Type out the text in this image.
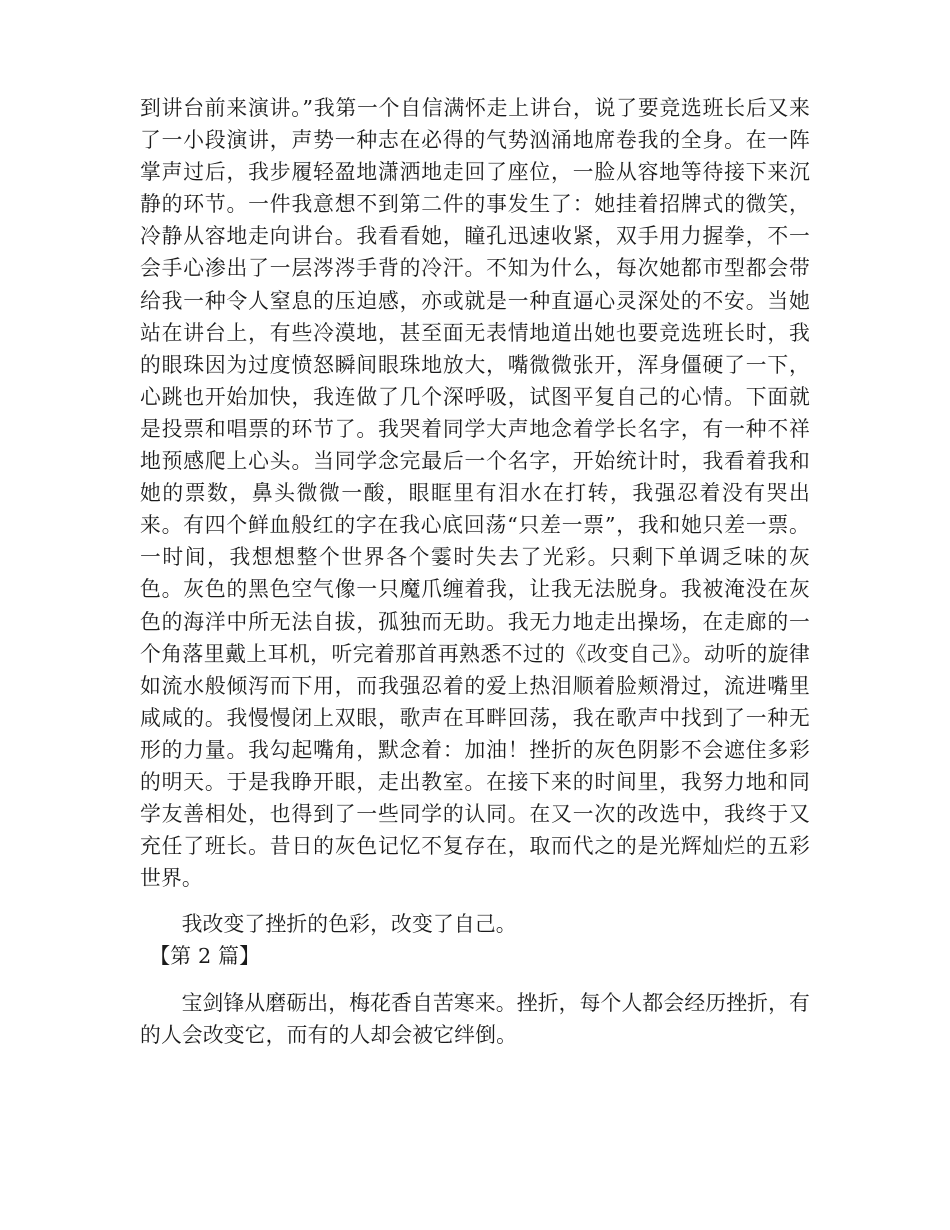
到讲台前来演讲。”我第一个自信满怀走上讲台，说了要竞选班长后又来了一小段演讲，声势一种志在必得的气势汹涌地席卷我的全身。在一阵掌声过后，我步履轻盈地潇洒地走回了座位，一脸从容地等待接下来沉静的环节。一件我意想不到第二件的事发生了：她挂着招牌式的微笑，冷静从容地走向讲台。我看看她，瞳孔迅速收紧，双手用力握拳，不一会手心渗出了一层涔涔手背的冷汗。不知为什么，每次她都市型都会带给我一种令人窒息的压迫感，亦或就是一种直逼心灵深处的不安。当她站在讲台上，有些冷漠地，甚至面无表情地道出她也要竞选班长时，我的眼珠因为过度愤怒瞬间眼珠地放大，嘴微微张开，浑身僵硬了一下，心跳也开始加快，我连做了几个深呼吸，试图平复自己的心情。下面就是投票和唱票的环节了。我哭着同学大声地念着学长名字，有一种不祥地预感爬上心头。当同学念完最后一个名字，开始统计时，我看着我和她的票数，鼻头微微一酸，眼眶里有泪水在打转，我强忍着没有哭出来。有四个鲜血般红的字在我心底回荡“只差一票”，我和她只差一票。一时间，我想想整个世界各个霎时失去了光彩。只剩下单调乏味的灰色。灰色的黑色空气像一只魔爪缠着我，让我无法脱身。我被淹没在灰色的海洋中所无法自拔，孤独而无助。我无力地走出操场，在走廊的一个角落里戴上耳机，听完着那首再熟悉不过的《改变自己》。动听的旋律如流水般倾泻而下用，而我强忍着的爱上热泪顺着脸颊滑过，流进嘴里咸咸的。我慢慢闭上双眼，歌声在耳畔回荡，我在歌声中找到了一种无形的力量。我勾起嘴角，默念着：加油！挫折的灰色阴影不会遮住多彩的明天。于是我睁开眼，走出教室。在接下来的时间里，我努力地和同学友善相处，也得到了一些同学的认同。在又一次的改选中，我终于又充任了班长。昔日的灰色记忆不复存在，取而代之的是光辉灿烂的五彩世界。

我改变了挫折的色彩，改变了自己。

【第 2 篇】

宝剑锋从磨砺出，梅花香自苦寒来。挫折，每个人都会经历挫折，有的人会改变它，而有的人却会被它绊倒。
